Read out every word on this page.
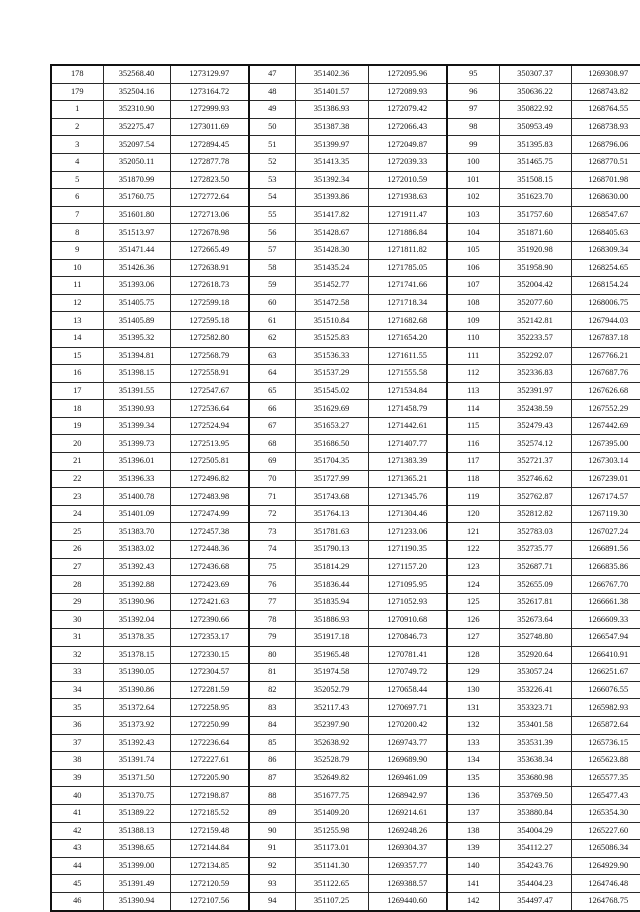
178	352568.40	1273129.97	47	351402.36	1272095.96	95	350307.37	1269308.97
179	352504.16	1273164.72	48	351401.57	1272089.93	96	350636.22	1268743.82
1	352310.90	1272999.93	49	351386.93	1272079.42	97	350822.92	1268764.55
2	352275.47	1273011.69	50	351387.38	1272066.43	98	350953.49	1268738.93
3	352097.54	1272894.45	51	351399.97	1272049.87	99	351395.83	1268796.06
4	352050.11	1272877.78	52	351413.35	1272039.33	100	351465.75	1268770.51
5	351870.99	1272823.50	53	351392.34	1272010.59	101	351508.15	1268701.98
6	351760.75	1272772.64	54	351393.86	1271938.63	102	351623.70	1268630.00
7	351601.80	1272713.06	55	351417.82	1271911.47	103	351757.60	1268547.67
8	351513.97	1272678.98	56	351428.67	1271886.84	104	351871.60	1268405.63
9	351471.44	1272665.49	57	351428.30	1271811.82	105	351920.98	1268309.34
10	351426.36	1272638.91	58	351435.24	1271785.05	106	351958.90	1268254.65
11	351393.06	1272618.73	59	351452.77	1271741.66	107	352004.42	1268154.24
12	351405.75	1272599.18	60	351472.58	1271718.34	108	352077.60	1268006.75
13	351405.89	1272595.18	61	351510.84	1271682.68	109	352142.81	1267944.03
14	351395.32	1272582.80	62	351525.83	1271654.20	110	352233.57	1267837.18
15	351394.81	1272568.79	63	351536.33	1271611.55	111	352292.07	1267766.21
16	351398.15	1272558.91	64	351537.29	1271555.58	112	352336.83	1267687.76
17	351391.55	1272547.67	65	351545.02	1271534.84	113	352391.97	1267626.68
18	351390.93	1272536.64	66	351629.69	1271458.79	114	352438.59	1267552.29
19	351399.34	1272524.94	67	351653.27	1271442.61	115	352479.43	1267442.69
20	351399.73	1272513.95	68	351686.50	1271407.77	116	352574.12	1267395.00
21	351396.01	1272505.81	69	351704.35	1271383.39	117	352721.37	1267303.14
22	351396.33	1272496.82	70	351727.99	1271365.21	118	352746.62	1267239.01
23	351400.78	1272483.98	71	351743.68	1271345.76	119	352762.87	1267174.57
24	351401.09	1272474.99	72	351764.13	1271304.46	120	352812.82	1267119.30
25	351383.70	1272457.38	73	351781.63	1271233.06	121	352783.03	1267027.24
26	351383.02	1272448.36	74	351790.13	1271190.35	122	352735.77	1266891.56
27	351392.43	1272436.68	75	351814.29	1271157.20	123	352687.71	1266835.86
28	351392.88	1272423.69	76	351836.44	1271095.95	124	352655.09	1266767.70
29	351390.96	1272421.63	77	351835.94	1271052.93	125	352617.81	1266661.38
30	351392.04	1272390.66	78	351886.93	1270910.68	126	352673.64	1266609.33
31	351378.35	1272353.17	79	351917.18	1270846.73	127	352748.80	1266547.94
32	351378.15	1272330.15	80	351965.48	1270781.41	128	352920.64	1266410.91
33	351390.05	1272304.57	81	351974.58	1270749.72	129	353057.24	1266251.67
34	351390.86	1272281.59	82	352052.79	1270658.44	130	353226.41	1266076.55
35	351372.64	1272258.95	83	352117.43	1270697.71	131	353323.71	1265982.93
36	351373.92	1272250.99	84	352397.90	1270200.42	132	353401.58	1265872.64
37	351392.43	1272236.64	85	352638.92	1269743.77	133	353531.39	1265736.15
38	351391.74	1272227.61	86	352528.79	1269689.90	134	353638.34	1265623.88
39	351371.50	1272205.90	87	352649.82	1269461.09	135	353680.98	1265577.35
40	351370.75	1272198.87	88	351677.75	1268942.97	136	353769.50	1265477.43
41	351389.22	1272185.52	89	351409.20	1269214.61	137	353880.84	1265354.30
42	351388.13	1272159.48	90	351255.98	1269248.26	138	354004.29	1265227.60
43	351398.65	1272144.84	91	351173.01	1269304.37	139	354112.27	1265086.34
44	351399.00	1272134.85	92	351141.30	1269357.77	140	354243.76	1264929.90
45	351391.49	1272120.59	93	351122.65	1269388.57	141	354404.23	1264746.48
46	351390.94	1272107.56	94	351107.25	1269440.60	142	354497.47	1264768.75
